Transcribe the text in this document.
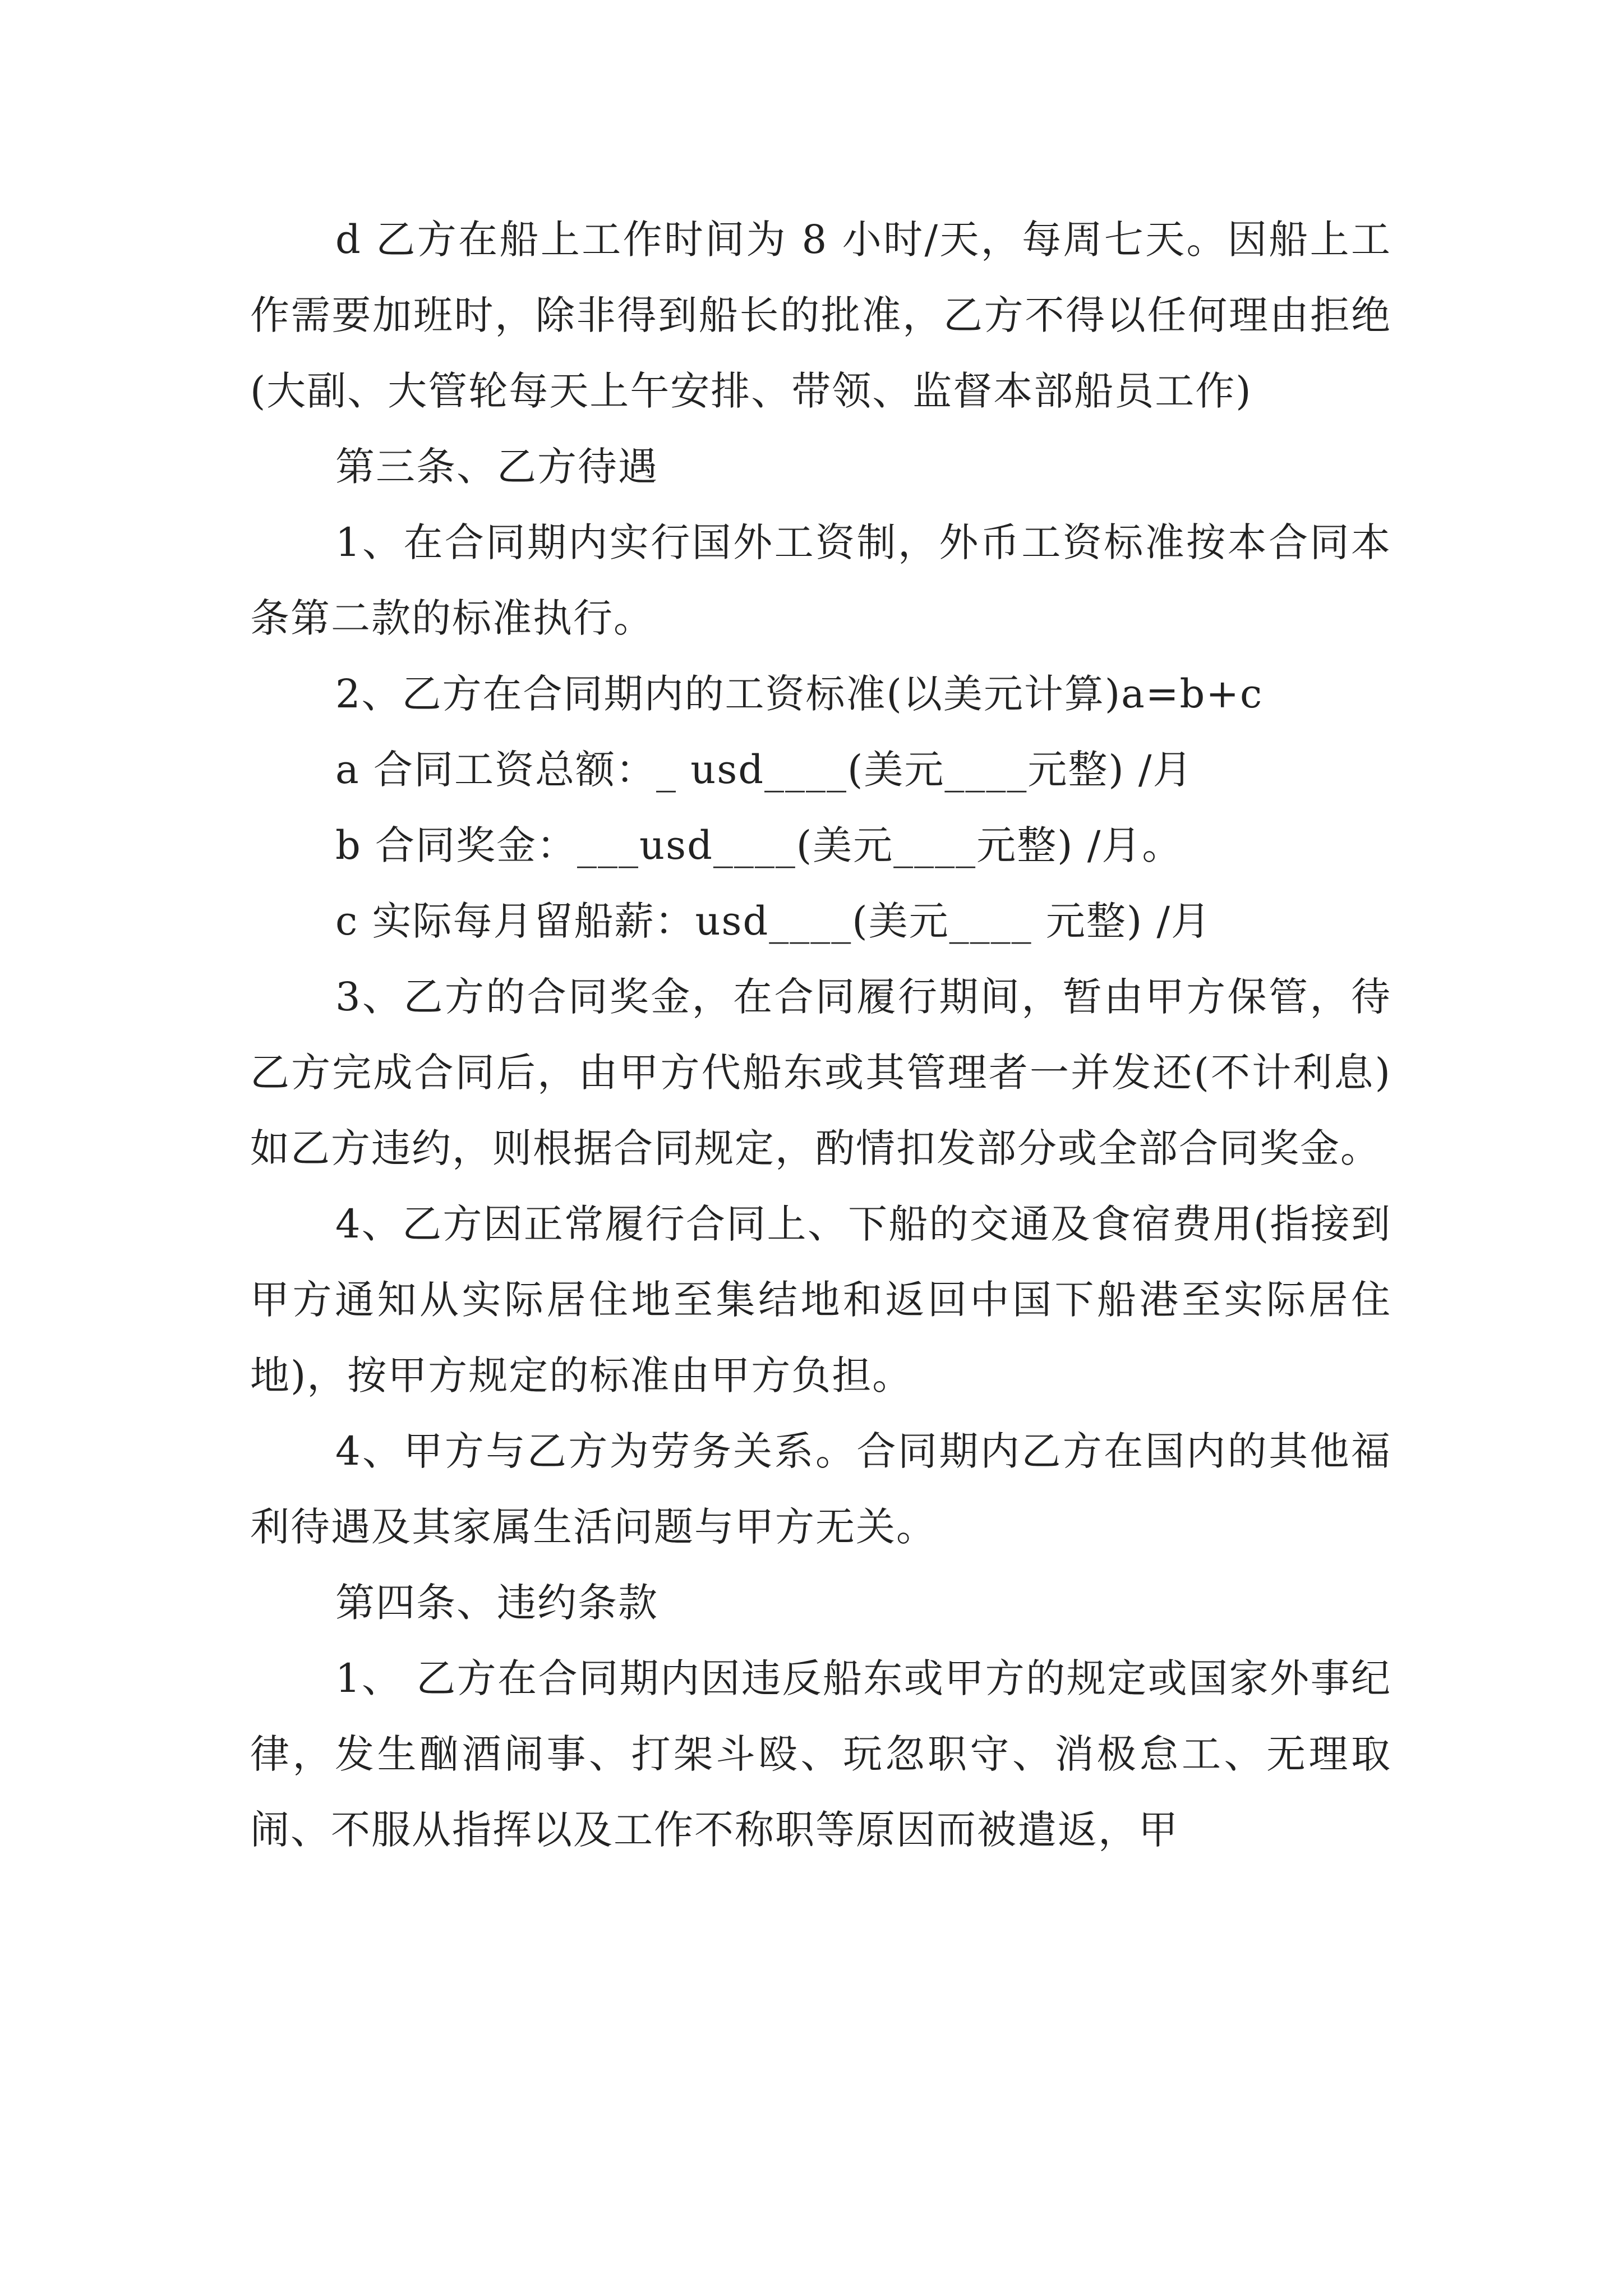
d 乙方在船上工作时间为 8 小时/天，每周七天。因船上工作需要加班时，除非得到船长的批准，乙方不得以任何理由拒绝(大副、大管轮每天上午安排、带领、监督本部船员工作)

第三条、乙方待遇

1、在合同期内实行国外工资制，外币工资标准按本合同本条第二款的标准执行。

2、乙方在合同期内的工资标准(以美元计算)a=b+c

a 合同工资总额：_ usd____(美元____元整) /月

b 合同奖金：___usd____(美元____元整) /月。

c 实际每月留船薪：usd____(美元____ 元整) /月

3、乙方的合同奖金，在合同履行期间，暂由甲方保管，待乙方完成合同后，由甲方代船东或其管理者一并发还(不计利息)如乙方违约，则根据合同规定，酌情扣发部分或全部合同奖金。

4、乙方因正常履行合同上、下船的交通及食宿费用(指接到甲方通知从实际居住地至集结地和返回中国下船港至实际居住地)，按甲方规定的标准由甲方负担。

4、甲方与乙方为劳务关系。合同期内乙方在国内的其他福利待遇及其家属生活问题与甲方无关。

第四条、违约条款

1、 乙方在合同期内因违反船东或甲方的规定或国家外事纪律，发生酗酒闹事、打架斗殴、玩忽职守、消极怠工、无理取闹、不服从指挥以及工作不称职等原因而被遣返，甲
